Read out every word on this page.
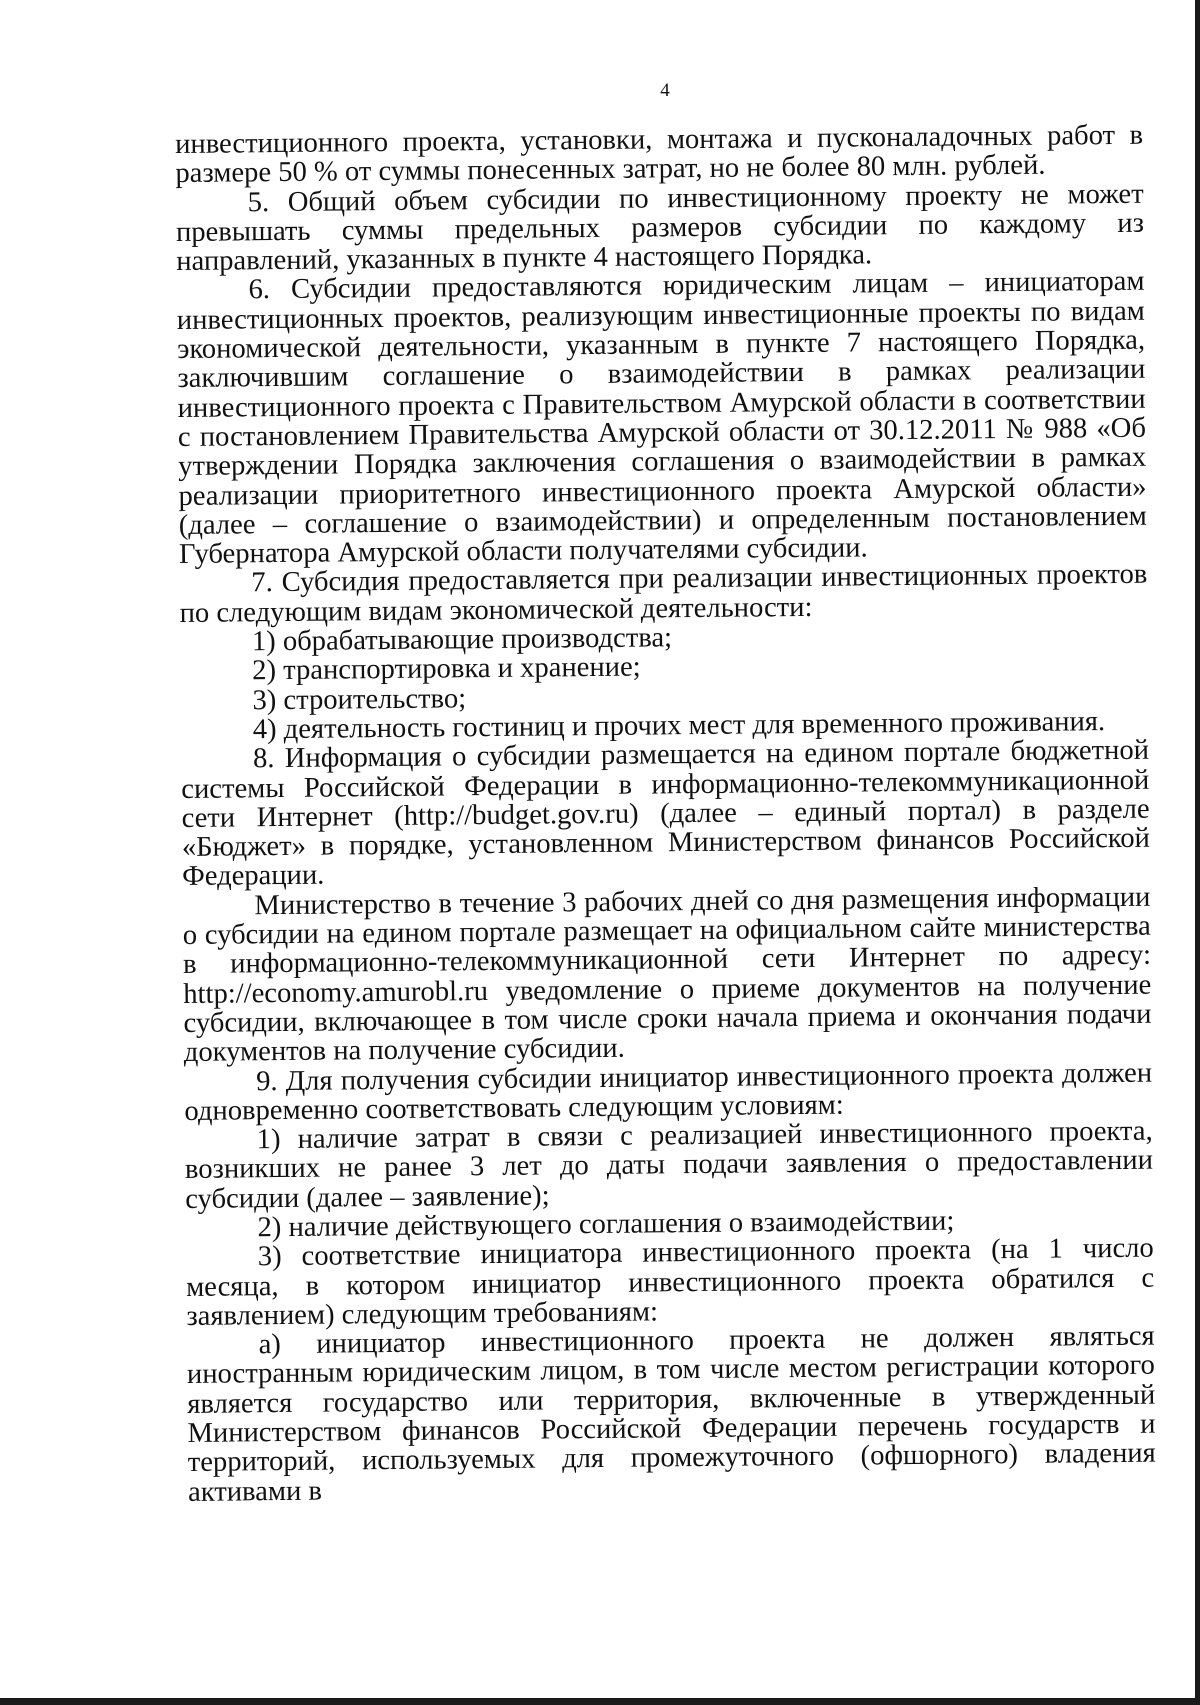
4

инвестиционного проекта, установки, монтажа и пусконаладочных работ в размере 50 % от суммы понесенных затрат, но не более 80 млн. рублей.

5. Общий объем субсидии по инвестиционному проекту не может превышать суммы предельных размеров субсидии по каждому из направлений, указанных в пункте 4 настоящего Порядка.

6. Субсидии предоставляются юридическим лицам – инициаторам инвестиционных проектов, реализующим инвестиционные проекты по видам экономической деятельности, указанным в пункте 7 настоящего Порядка, заключившим соглашение о взаимодействии в рамках реализации инвестиционного проекта с Правительством Амурской области в соответствии с постановлением Правительства Амурской области от 30.12.2011 № 988 «Об утверждении Порядка заключения соглашения о взаимодействии в рамках реализации приоритетного инвестиционного проекта Амурской области» (далее – соглашение о взаимодействии) и определенным постановлением Губернатора Амурской области получателями субсидии.

7. Субсидия предоставляется при реализации инвестиционных проектов по следующим видам экономической деятельности:

1) обрабатывающие производства;

2) транспортировка и хранение;

3) строительство;

4) деятельность гостиниц и прочих мест для временного проживания.

8. Информация о субсидии размещается на едином портале бюджетной системы Российской Федерации в информационно-телекоммуникационной сети Интернет (http://budget.gov.ru) (далее – единый портал) в разделе «Бюджет» в порядке, установленном Министерством финансов Российской Федерации.

Министерство в течение 3 рабочих дней со дня размещения информации о субсидии на едином портале размещает на официальном сайте министерства в информационно-телекоммуникационной сети Интернет по адресу: http://economy.amurobl.ru уведомление о приеме документов на получение субсидии, включающее в том числе сроки начала приема и окончания подачи документов на получение субсидии.

9. Для получения субсидии инициатор инвестиционного проекта должен одновременно соответствовать следующим условиям:

1) наличие затрат в связи с реализацией инвестиционного проекта, возникших не ранее 3 лет до даты подачи заявления о предоставлении субсидии (далее – заявление);

2) наличие действующего соглашения о взаимодействии;

3) соответствие инициатора инвестиционного проекта (на 1 число месяца, в котором инициатор инвестиционного проекта обратился с заявлением) следующим требованиям:

а) инициатор инвестиционного проекта не должен являться иностранным юридическим лицом, в том числе местом регистрации которого является государство или территория, включенные в утвержденный Министерством финансов Российской Федерации перечень государств и территорий, используемых для промежуточного (офшорного) владения активами в
